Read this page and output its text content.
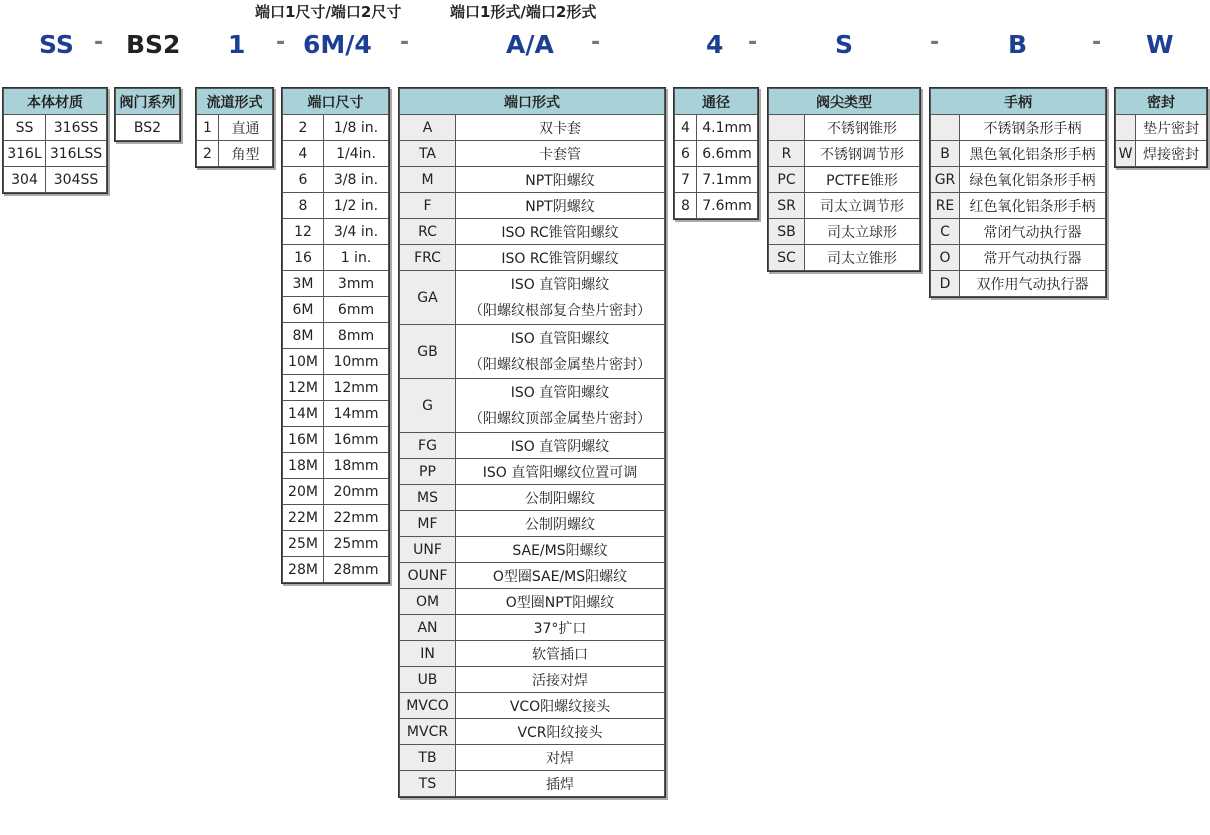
端口1尺寸/端口2尺寸	端口1形式/端口2形式
SS - BS2 1 - 6M/4 -	A/A -	4 -	S	-	B	- W
本体材质	
SS	316SS
316L	316LSS
304	304SS
阀门系列
BS2
流道形式	
1	直通
2	角型
端口尺寸	
2	1/8 in.
4	1/4in.
6	3/8 in.
8	1/2 in.
12	3/4 in.
16	1 in.
3M	3mm
6M	6mm
8M	8mm
10M	10mm
12M	12mm
14M	14mm
16M	16mm
18M	18mm
20M	20mm
22M	22mm
25M	25mm
28M	28mm
端口形式	
A	双卡套
TA	卡套管
M	NPT阳螺纹
F	NPT阴螺纹
RC	ISO RC锥管阳螺纹
FRC	ISO RC锥管阴螺纹
GA	ISO 直管阳螺纹
（阳螺纹根部复合垫片密封）

GB	ISO 直管阳螺纹
（阳螺纹根部金属垫片密封）

G	ISO 直管阳螺纹
（阳螺纹顶部金属垫片密封）

FG	ISO 直管阴螺纹
PP	ISO 直管阳螺纹位置可调
MS	公制阳螺纹
MF	公制阴螺纹
UNF	SAE/MS阳螺纹
OUNF	O型圈SAE/MS阳螺纹
OM	O型圈NPT阳螺纹
AN	37°扩口
IN	软管插口
UB	活接对焊
MVCO	VCO阳螺纹接头
MVCR	VCR阳纹接头
TB	对焊
TS	插焊
通径	
4	4.1mm
6	6.6mm
7	7.1mm
8	7.6mm
阀尖类型	
	不锈钢锥形
R	不锈钢调节形
PC	PCTFE锥形
SR	司太立调节形
SB	司太立球形
SC	司太立锥形
手柄	
	不锈钢条形手柄
B	黑色氧化铝条形手柄
GR	绿色氧化铝条形手柄
RE	红色氧化铝条形手柄
C	常闭气动执行器
O	常开气动执行器
D	双作用气动执行器
密封	
	垫片密封
W	焊接密封
